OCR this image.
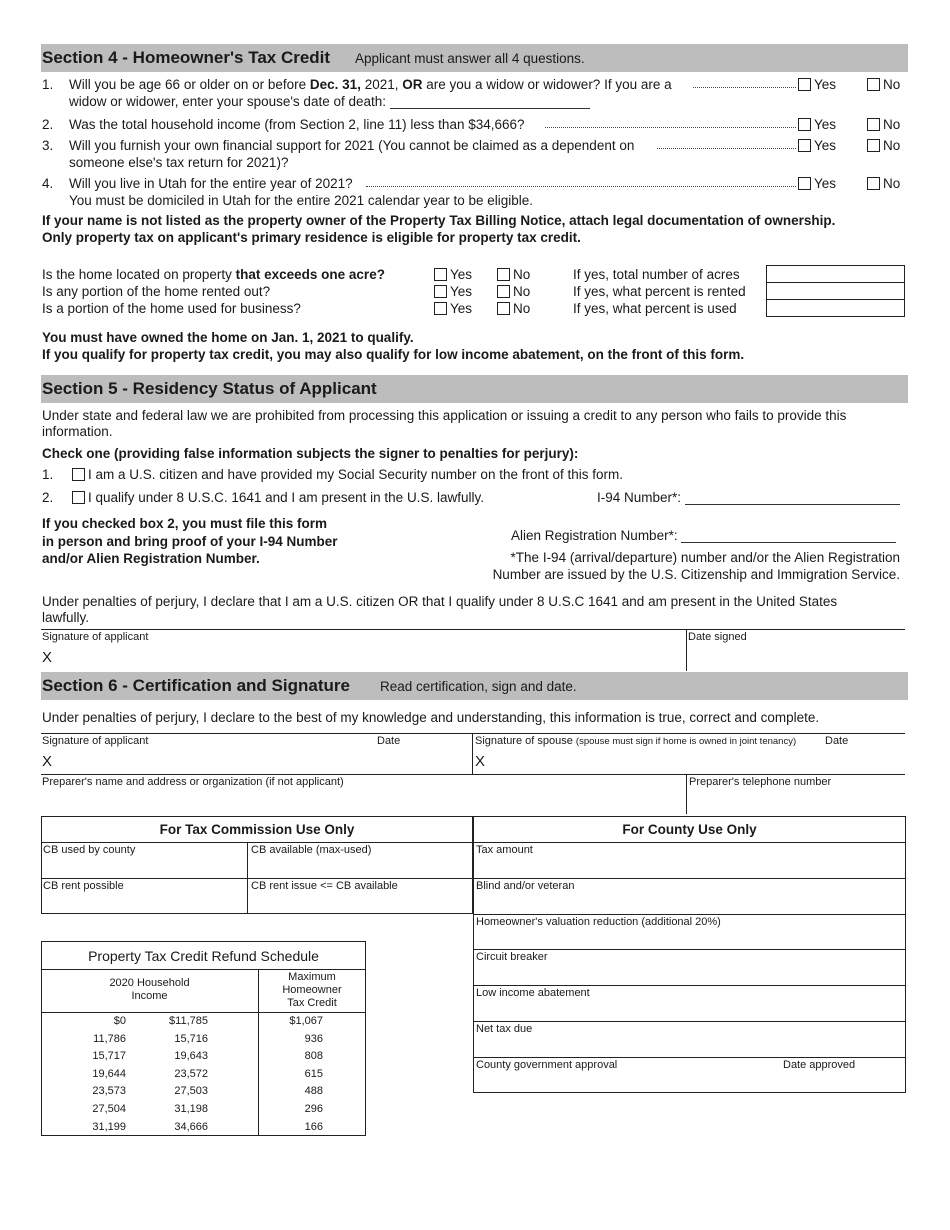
Section 4 - Homeowner's Tax Credit Applicant must answer all 4 questions.
1. Will you be age 66 or older on or before Dec. 31, 2021, OR are you a widow or widower? If you are a	Yes	No
widow or widower, enter your spouse's date of death:
2. Was the total household income (from Section 2, line 11) less than $34,666?	Yes	No
3. Will you furnish your own financial support for 2021 (You cannot be claimed as a dependent on	Yes	No
someone else's tax return for 2021)?
4. Will you live in Utah for the entire year of 2021?	Yes	No
You must be domiciled in Utah for the entire 2021 calendar year to be eligible.
If your name is not listed as the property owner of the Property Tax Billing Notice, attach legal documentation of ownership.
Only property tax on applicant's primary residence is eligible for property tax credit.
Is the home located on property that exceeds one acre?	Yes	No	If yes, total number of acres
Is any portion of the home rented out?	Yes	No	If yes, what percent is rented
Is a portion of the home used for business?	Yes	No	If yes, what percent is used
You must have owned the home on Jan. 1, 2021 to qualify.
If you qualify for property tax credit, you may also qualify for low income abatement, on the front of this form.
Section 5 - Residency Status of Applicant
Under state and federal law we are prohibited from processing this application or issuing a credit to any person who fails to provide this
information.
Check one (providing false information subjects the signer to penalties for perjury):
1.	I am a U.S. citizen and have provided my Social Security number on the front of this form.
2.	I qualify under 8 U.S.C. 1641 and I am present in the U.S. lawfully.	I-94 Number*:
If you checked box 2, you must file this form
in person and bring proof of your I-94 Number
and/or Alien Registration Number.
Alien Registration Number*:
*The I-94 (arrival/departure) number and/or the Alien Registration
Number are issued by the U.S. Citizenship and Immigration Service.
Under penalties of perjury, I declare that I am a U.S. citizen OR that I qualify under 8 U.S.C 1641 and am present in the United States
lawfully.
Signature of applicant
X
Date signed
Section 6 - Certification and Signature Read certification, sign and date.
Under penalties of perjury, I declare to the best of my knowledge and understanding, this information is true, correct and complete.
Signature of applicant	Date
X
Signature of spouse (spouse must sign if home is owned in joint tenancy)	Date
X
Preparer's name and address or organization (if not applicant)	Preparer's telephone number
For Tax Commission Use Only
CB used by county	CB available (max-used)
CB rent possible	CB rent issue <= CB available
For County Use Only
Tax amount
Blind and/or veteran
Homeowner's valuation reduction (additional 20%)
Circuit breaker
Low income abatement
Net tax due
County government approval	Date approved
Property Tax Credit Refund Schedule
2020 Household
Income
Maximum
Homeowner
Tax Credit
$0	$11,785	$1,067
11,786	15,716	936
15,717	19,643	808
19,644	23,572	615
23,573	27,503	488
27,504	31,198	296
31,199	34,666	166
